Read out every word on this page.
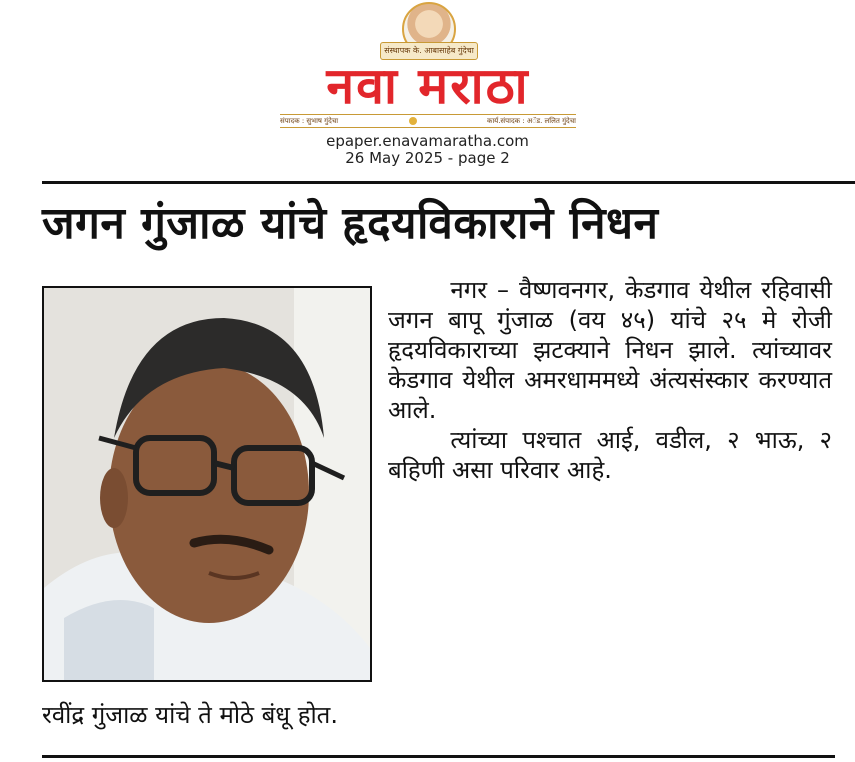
संस्थापक के. आबासाहेब गुंदेचा
नवा मराठा
संपादक : सुभाष गुंदेचा	कार्य.संपादक : अॅड. ललित गुंदेचा
epaper.enavamaratha.com
26 May 2025 - page 2
जगन गुंजाळ यांचे हृदयविकाराने निधन

नगर – वैष्णवनगर, केडगाव येथील रहिवासी जगन बापू गुंजाळ (वय ४५) यांचे २५ मे रोजी हृदयविकाराच्या झटक्याने निधन झाले. त्यांच्यावर केडगाव येथील अमरधाममध्ये अंत्यसंस्कार करण्यात आले.

त्यांच्या पश्चात आई, वडील, २ भाऊ, २ बहिणी असा परिवार आहे.

रवींद्र गुंजाळ यांचे ते मोठे बंधू होत.
